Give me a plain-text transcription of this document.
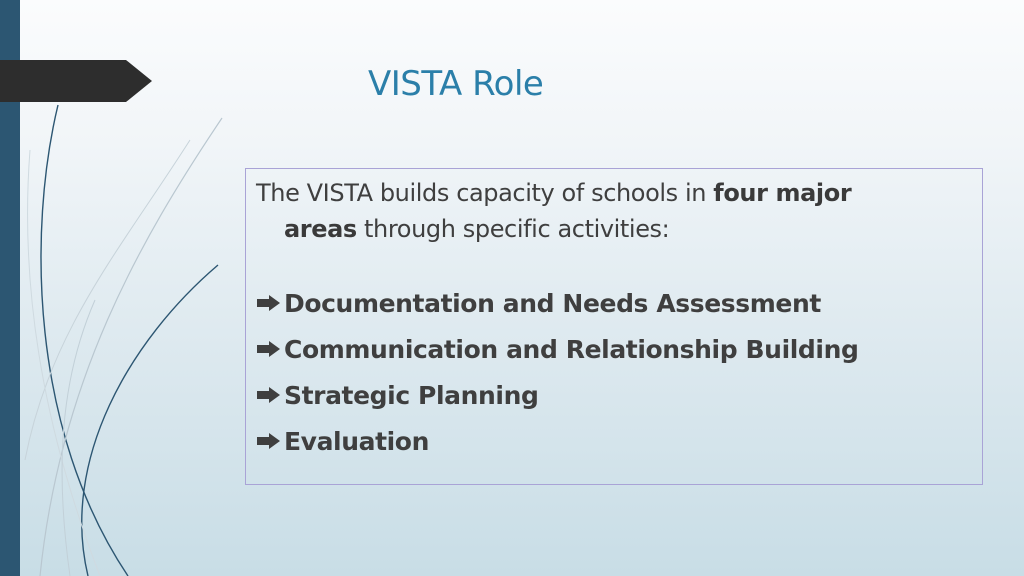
VISTA Role

The VISTA builds capacity of schools in four major
areas through specific activities:

Documentation and Needs Assessment
Communication and Relationship Building
Strategic Planning
Evaluation
